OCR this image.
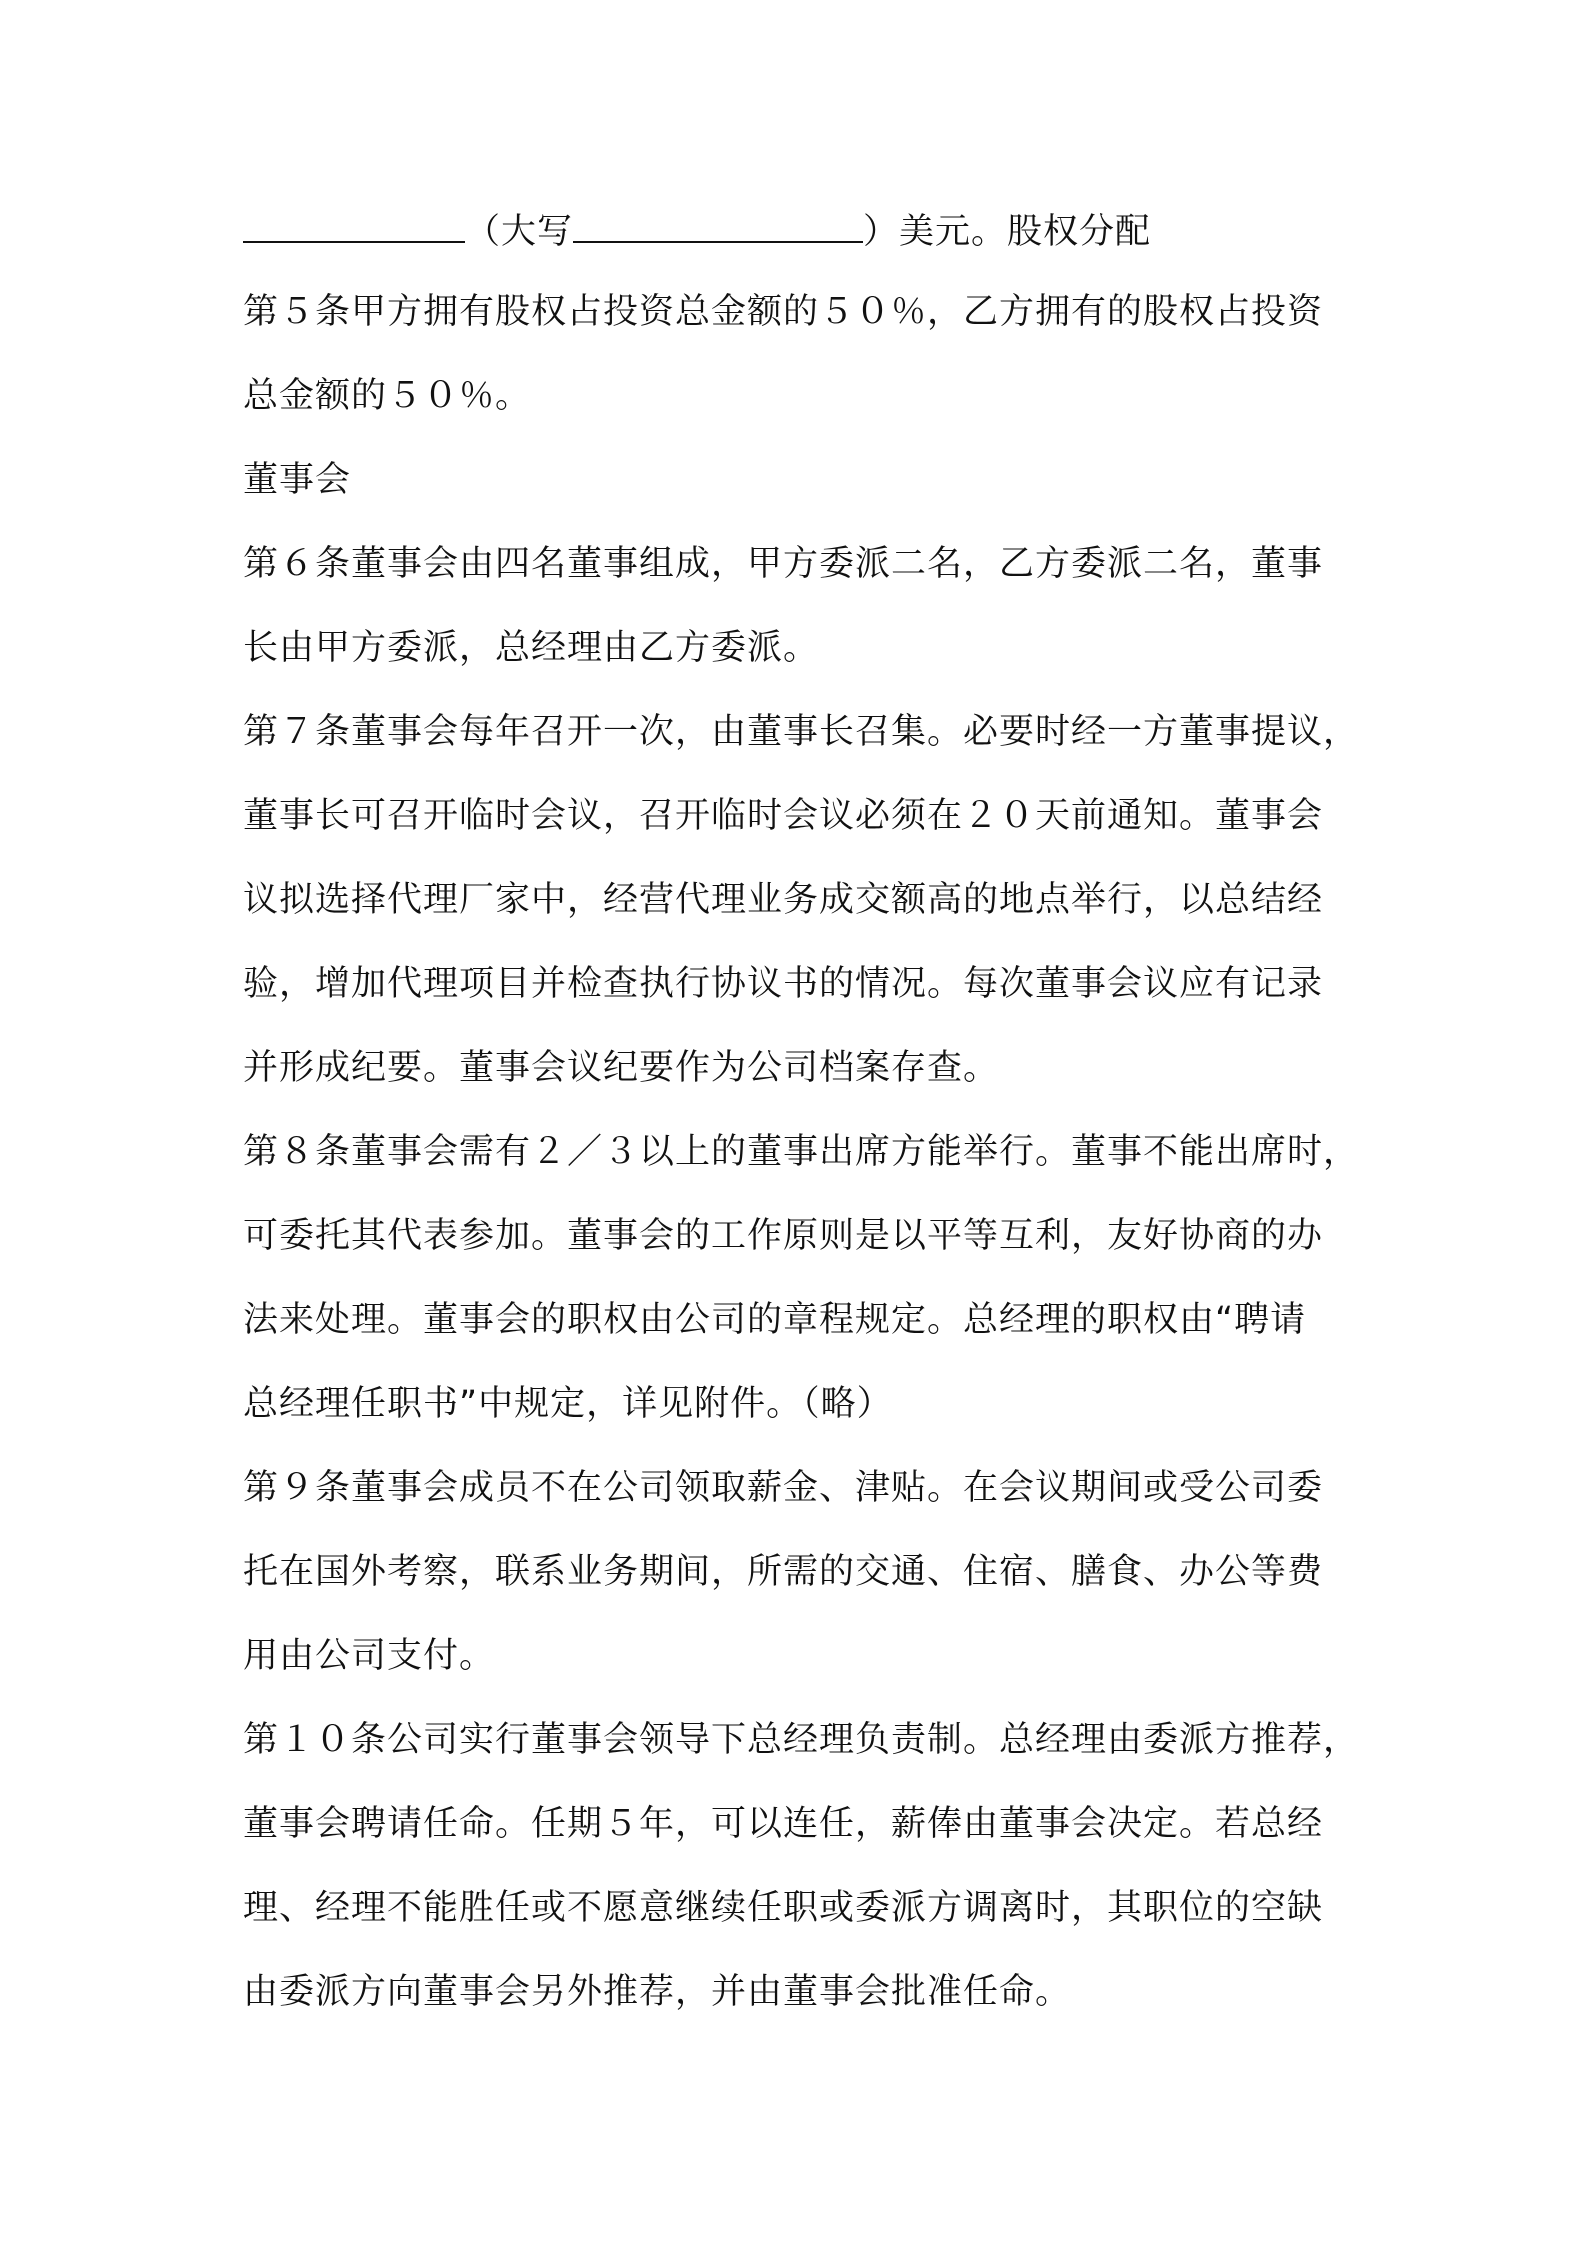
（大写	）美元。股权分配
第５条甲方拥有股权占投资总金额的５０％，乙方拥有的股权占投资
总金额的５０％。
董事会
第６条董事会由四名董事组成，甲方委派二名，乙方委派二名，董事
长由甲方委派，总经理由乙方委派。
第７条董事会每年召开一次，由董事长召集。必要时经一方董事提议，
董事长可召开临时会议，召开临时会议必须在２０天前通知。董事会
议拟选择代理厂家中，经营代理业务成交额高的地点举行，以总结经
验，增加代理项目并检查执行协议书的情况。每次董事会议应有记录
并形成纪要。董事会议纪要作为公司档案存查。
第８条董事会需有２／３以上的董事出席方能举行。董事不能出席时，
可委托其代表参加。董事会的工作原则是以平等互利，友好协商的办
法来处理。董事会的职权由公司的章程规定。总经理的职权由“聘请
总经理任职书”中规定，详见附件。（略）
第９条董事会成员不在公司领取薪金、津贴。在会议期间或受公司委
托在国外考察，联系业务期间，所需的交通、住宿、膳食、办公等费
用由公司支付。
第１０条公司实行董事会领导下总经理负责制。总经理由委派方推荐，
董事会聘请任命。任期５年，可以连任，薪俸由董事会决定。若总经
理、经理不能胜任或不愿意继续任职或委派方调离时，其职位的空缺
由委派方向董事会另外推荐，并由董事会批准任命。
